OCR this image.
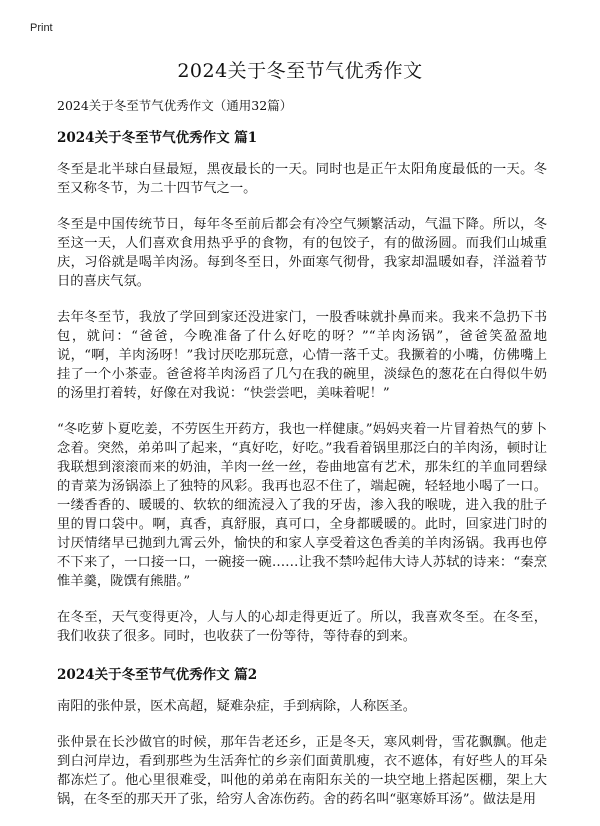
Print
2024关于冬至节气优秀作文
2024关于冬至节气优秀作文（通用32篇）
2024关于冬至节气优秀作文 篇1

冬至是北半球白昼最短，黑夜最长的一天。同时也是正午太阳角度最低的一天。冬至又称冬节，为二十四节气之一。

冬至是中国传统节日，每年冬至前后都会有冷空气频繁活动，气温下降。所以，冬至这一天，人们喜欢食用热乎乎的食物，有的包饺子，有的做汤圆。而我们山城重庆，习俗就是喝羊肉汤。每到冬至日，外面寒气彻骨，我家却温暖如春，洋溢着节日的喜庆气氛。

去年冬至节，我放了学回到家还没进家门，一股香味就扑鼻而来。我来不急扔下书包，就问：“爸爸，今晚准备了什么好吃的呀？”“羊肉汤锅”，爸爸笑盈盈地说，“啊，羊肉汤呀！”我讨厌吃那玩意，心情一落千丈。我撅着的小嘴，仿佛嘴上挂了一个小茶壶。爸爸将羊肉汤舀了几勺在我的碗里，淡绿色的葱花在白得似牛奶的汤里打着转，好像在对我说：“快尝尝吧，美味着呢！”

“冬吃萝卜夏吃姜，不劳医生开药方，我也一样健康。”妈妈夹着一片冒着热气的萝卜念着。突然，弟弟叫了起来，“真好吃，好吃。”我看着锅里那泛白的羊肉汤，顿时让我联想到滚滚而来的奶油，羊肉一丝一丝，卷曲地富有艺术，那朱红的羊血同碧绿的青菜为汤锅添上了独特的风彩。我再也忍不住了，端起碗，轻轻地小喝了一口。一缕香香的、暖暖的、软软的细流浸入了我的牙齿，渗入我的喉咙，进入我的肚子里的胃口袋中。啊，真香，真舒服，真可口，全身都暖暖的。此时，回家进门时的讨厌情绪早已抛到九霄云外，愉快的和家人享受着这色香美的羊肉汤锅。我再也停不下来了，一口接一口，一碗接一碗……让我不禁吟起伟大诗人苏轼的诗来：“秦烹惟羊羹，陇馔有熊腊。”

在冬至，天气变得更冷，人与人的心却走得更近了。所以，我喜欢冬至。在冬至，我们收获了很多。同时，也收获了一份等待，等待春的到来。

2024关于冬至节气优秀作文 篇2

南阳的张仲景，医术高超，疑难杂症，手到病除，人称医圣。

张仲景在长沙做官的时候，那年告老还乡，正是冬天，寒风刺骨，雪花飘飘。他走到白河岸边，看到那些为生活奔忙的乡亲们面黄肌瘦，衣不遮体，有好些人的耳朵都冻烂了。他心里很难受，叫他的弟弟在南阳东关的一块空地上搭起医棚，架上大锅，在冬至的那天开了张，给穷人舍冻伤药。舍的药名叫“驱寒娇耳汤”。做法是用
